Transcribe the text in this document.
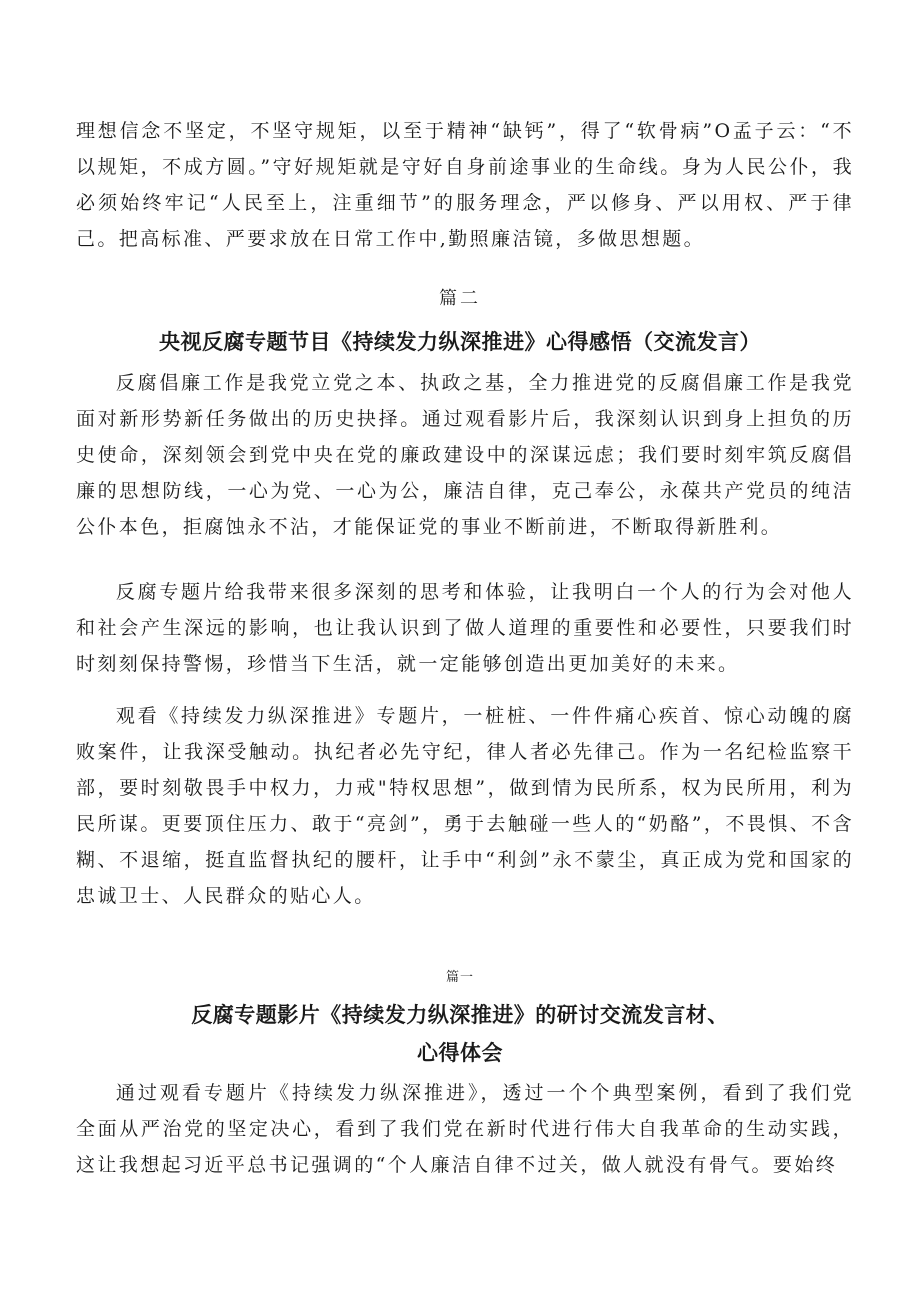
理想信念不坚定，不坚守规矩，以至于精神“缺钙”，得了“软骨病”O孟子云：“不以规矩，不成方圆。”守好规矩就是守好自身前途事业的生命线。身为人民公仆，我必须始终牢记“人民至上，注重细节”的服务理念，严以修身、严以用权、严于律己。把高标准、严要求放在日常工作中,勤照廉洁镜，多做思想题。

篇二
央视反腐专题节目《持续发力纵深推进》心得感悟（交流发言）

反腐倡廉工作是我党立党之本、执政之基，全力推进党的反腐倡廉工作是我党面对新形势新任务做出的历史抉择。通过观看影片后，我深刻认识到身上担负的历史使命，深刻领会到党中央在党的廉政建设中的深谋远虑；我们要时刻牢筑反腐倡廉的思想防线，一心为党、一心为公，廉洁自律，克己奉公，永葆共产党员的纯洁公仆本色，拒腐蚀永不沾，才能保证党的事业不断前进，不断取得新胜利。

反腐专题片给我带来很多深刻的思考和体验，让我明白一个人的行为会对他人和社会产生深远的影响，也让我认识到了做人道理的重要性和必要性，只要我们时时刻刻保持警惕，珍惜当下生活，就一定能够创造出更加美好的未来。

观看《持续发力纵深推进》专题片，一桩桩、一件件痛心疾首、惊心动魄的腐败案件，让我深受触动。执纪者必先守纪，律人者必先律己。作为一名纪检监察干部，要时刻敬畏手中权力，力戒"特权思想”，做到情为民所系，权为民所用，利为民所谋。更要顶住压力、敢于“亮剑”，勇于去触碰一些人的“奶酪”，不畏惧、不含糊、不退缩，挺直监督执纪的腰杆，让手中“利剑”永不蒙尘，真正成为党和国家的忠诚卫士、人民群众的贴心人。

篇一
反腐专题影片《持续发力纵深推进》的研讨交流发言材、
心得体会

通过观看专题片《持续发力纵深推进》，透过一个个典型案例，看到了我们党全面从严治党的坚定决心，看到了我们党在新时代进行伟大自我革命的生动实践，这让我想起习近平总书记强调的“个人廉洁自律不过关，做人就没有骨气。要始终
